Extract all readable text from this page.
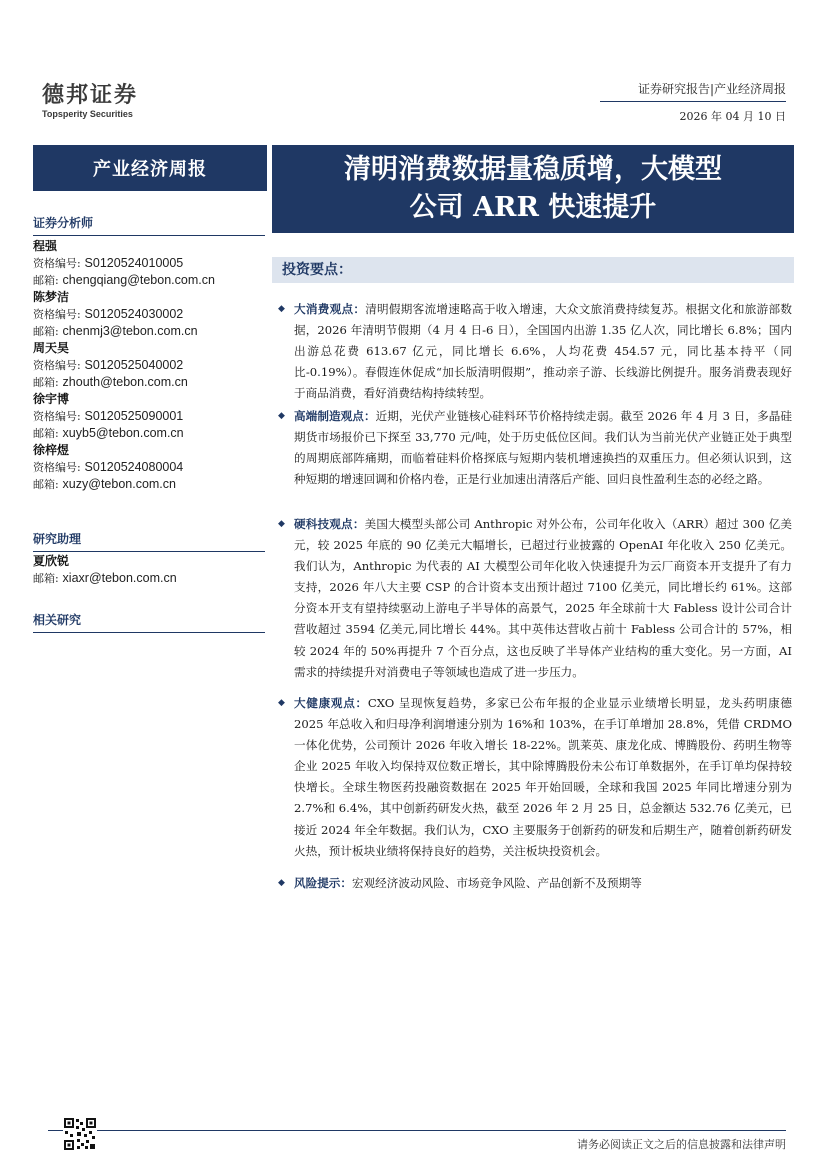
德邦证券
Topsperity Securities
证券研究报告|产业经济周报
2026 年 04 月 10 日
产业经济周报	清明消费数据量稳质增，大模型
公司 ARR 快速提升
证券分析师
程强
资格编号: S0120524010005
邮箱: chengqiang@tebon.com.cn
陈梦洁
资格编号: S0120524030002
邮箱: chenmj3@tebon.com.cn
周天昊
资格编号: S0120525040002
邮箱: zhouth@tebon.com.cn
徐宇博
资格编号: S0120525090001
邮箱: xuyb5@tebon.com.cn
徐梓煜
资格编号: S0120524080004
邮箱: xuzy@tebon.com.cn
研究助理
夏欣锐
邮箱: xiaxr@tebon.com.cn
相关研究
投资要点：
◆ 大消费观点：清明假期客流增速略高于收入增速，大众文旅消费持续复苏。根据文化和旅游部数据，2026 年清明节假期（4 月 4 日-6 日），全国国内出游 1.35 亿人次，同比增长 6.8%；国内出游总花费 613.67 亿元，同比增长 6.6%，人均花费 454.57 元，同比基本持平（同比-0.19%）。春假连休促成“加长版清明假期”，推动亲子游、长线游比例提升。服务消费表现好于商品消费，看好消费结构持续转型。

◆ 高端制造观点：近期，光伏产业链核心硅料环节价格持续走弱。截至 2026 年 4 月 3 日，多晶硅期货市场报价已下探至 33,770 元/吨，处于历史低位区间。我们认为当前光伏产业链正处于典型的周期底部阵痛期，而临着硅料价格探底与短期内装机增速换挡的双重压力。但必须认识到，这种短期的增速回调和价格内卷，正是行业加速出清落后产能、回归良性盈利生态的必经之路。

◆ 硬科技观点：美国大模型头部公司 Anthropic 对外公布，公司年化收入（ARR）超过 300 亿美元，较 2025 年底的 90 亿美元大幅增长，已超过行业披露的 OpenAI 年化收入 250 亿美元。我们认为，Anthropic 为代表的 AI 大模型公司年化收入快速提升为云厂商资本开支提升了有力支持，2026 年八大主要 CSP 的合计资本支出预计超过 7100 亿美元，同比增长约 61%。这部分资本开支有望持续驱动上游电子半导体的高景气，2025 年全球前十大 Fabless 设计公司合计营收超过 3594 亿美元,同比增长 44%。其中英伟达营收占前十 Fabless 公司合计的 57%，相较 2024 年的 50%再提升 7 个百分点，这也反映了半导体产业结构的重大变化。另一方面，AI 需求的持续提升对消费电子等领域也造成了进一步压力。

◆ 大健康观点：CXO 呈现恢复趋势，多家已公布年报的企业显示业绩增长明显，龙头药明康德 2025 年总收入和归母净利润增速分别为 16%和 103%，在手订单增加 28.8%，凭借 CRDMO 一体化优势，公司预计 2026 年收入增长 18-22%。凯莱英、康龙化成、博腾股份、药明生物等企业 2025 年收入均保持双位数正增长，其中除博腾股份未公布订单数据外，在手订单均保持较快增长。全球生物医药投融资数据在 2025 年开始回暖，全球和我国 2025 年同比增速分别为 2.7%和 6.4%，其中创新药研发火热，截至 2026 年 2 月 25 日，总金额达 532.76 亿美元，已接近 2024 年全年数据。我们认为，CXO 主要服务于创新药的研发和后期生产，随着创新药研发火热，预计板块业绩将保持良好的趋势，关注板块投资机会。

◆ 风险提示：宏观经济波动风险、市场竞争风险、产品创新不及预期等

请务必阅读正文之后的信息披露和法律声明
